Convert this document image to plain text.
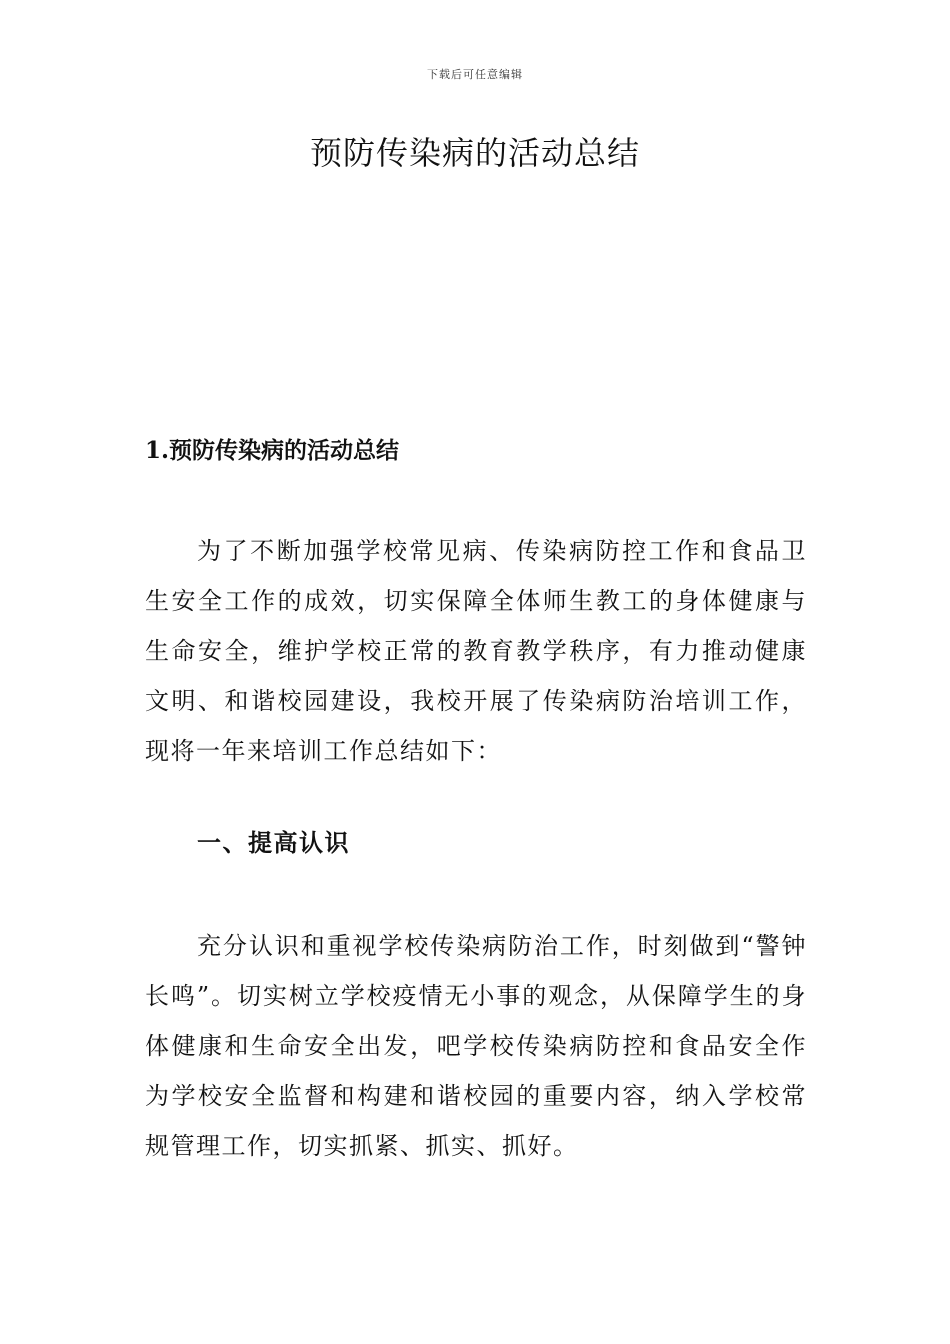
下载后可任意编辑
预防传染病的活动总结
1.预防传染病的活动总结

为了不断加强学校常见病、传染病防控工作和食品卫生安全工作的成效，切实保障全体师生教工的身体健康与生命安全，维护学校正常的教育教学秩序，有力推动健康文明、和谐校园建设，我校开展了传染病防治培训工作，现将一年来培训工作总结如下：

一、提高认识

充分认识和重视学校传染病防治工作，时刻做到“警钟长鸣”。切实树立学校疫情无小事的观念，从保障学生的身体健康和生命安全出发，吧学校传染病防控和食品安全作为学校安全监督和构建和谐校园的重要内容，纳入学校常规管理工作，切实抓紧、抓实、抓好。
